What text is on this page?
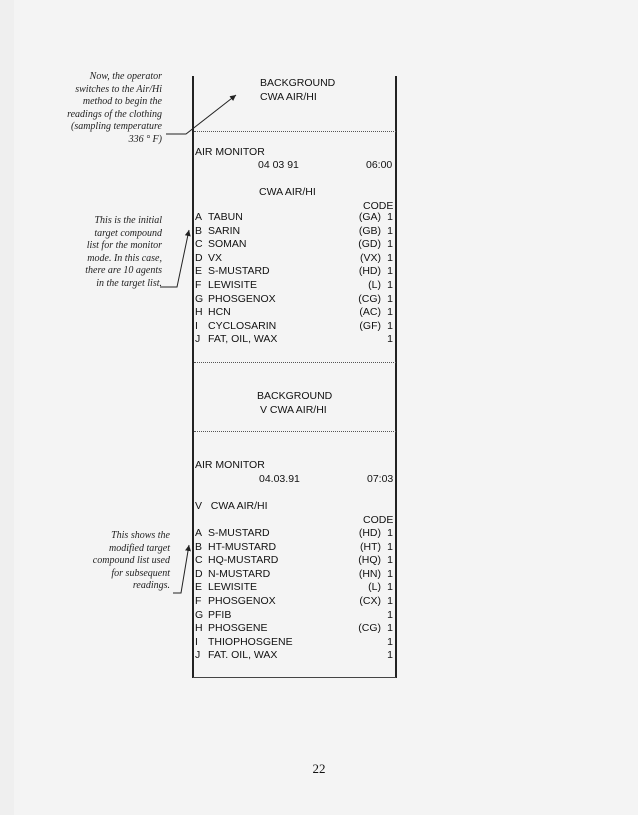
BACKGROUND
CWA AIR/HI
AIR MONITOR
04 03 91	06:00
CWA AIR/HI
CODE
A TABUN	(GA) 1
B SARIN	(GB) 1
C SOMAN	(GD) 1
D VX	(VX) 1
E S-MUSTARD	(HD) 1
F LEWISITE	(L) 1
G PHOSGENOX	(CG) 1
H HCN	(AC) 1
I CYCLOSARIN	(GF) 1
J FAT, OIL, WAX	1
BACKGROUND
V CWA AIR/HI
AIR MONITOR
04.03.91	07:03
V   CWA AIR/HI
CODE
A S-MUSTARD	(HD) 1
B HT-MUSTARD	(HT) 1
C HQ-MUSTARD	(HQ) 1
D N-MUSTARD	(HN) 1
E LEWISITE	(L) 1
F PHOSGENOX	(CX) 1
G PFIB	1
H PHOSGENE	(CG) 1
I THIOPHOSGENE	1
J FAT. OIL, WAX	1
Now, the operator
switches to the Air/Hi
method to begin the
readings of the clothing
(sampling temperature
336 ° F)
This is the initial
target compound
list for the monitor
mode. In this case,
there are 10 agents
in the target list.
This shows the
modified target
compound list used
for subsequent
readings.
22
